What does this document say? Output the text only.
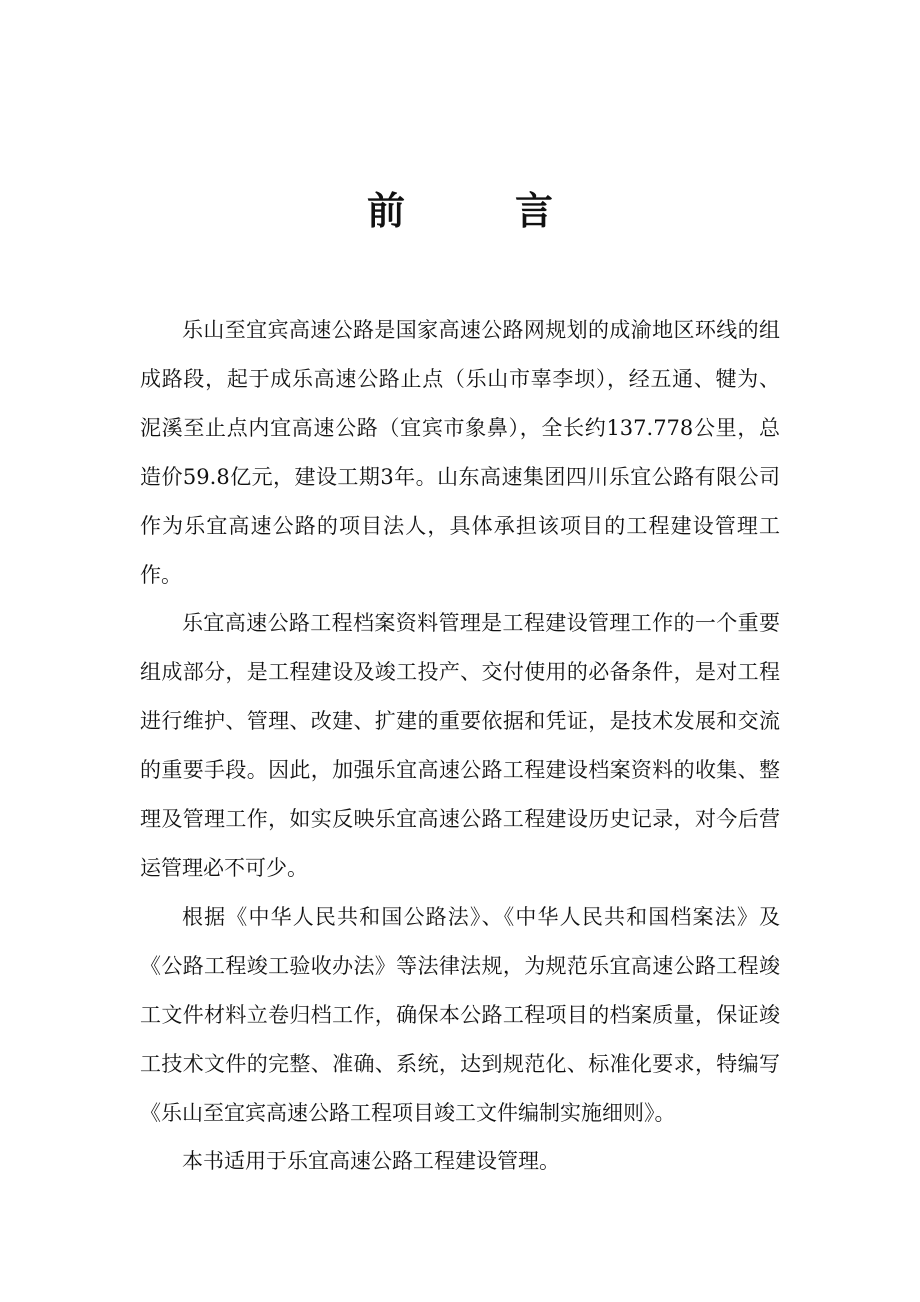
前	言

乐山至宜宾高速公路是国家高速公路网规划的成渝地区环线的组成路段，起于成乐高速公路止点（乐山市辜李坝），经五通、犍为、泥溪至止点内宜高速公路（宜宾市象鼻），全长约137.778公里，总造价59.8亿元，建设工期3年。山东高速集团四川乐宜公路有限公司作为乐宜高速公路的项目法人，具体承担该项目的工程建设管理工作。

乐宜高速公路工程档案资料管理是工程建设管理工作的一个重要组成部分，是工程建设及竣工投产、交付使用的必备条件，是对工程进行维护、管理、改建、扩建的重要依据和凭证，是技术发展和交流的重要手段。因此，加强乐宜高速公路工程建设档案资料的收集、整理及管理工作，如实反映乐宜高速公路工程建设历史记录，对今后营运管理必不可少。

根据《中华人民共和国公路法》、《中华人民共和国档案法》及《公路工程竣工验收办法》等法律法规，为规范乐宜高速公路工程竣工文件材料立卷归档工作，确保本公路工程项目的档案质量，保证竣工技术文件的完整、准确、系统，达到规范化、标准化要求，特编写《乐山至宜宾高速公路工程项目竣工文件编制实施细则》。

本书适用于乐宜高速公路工程建设管理。
